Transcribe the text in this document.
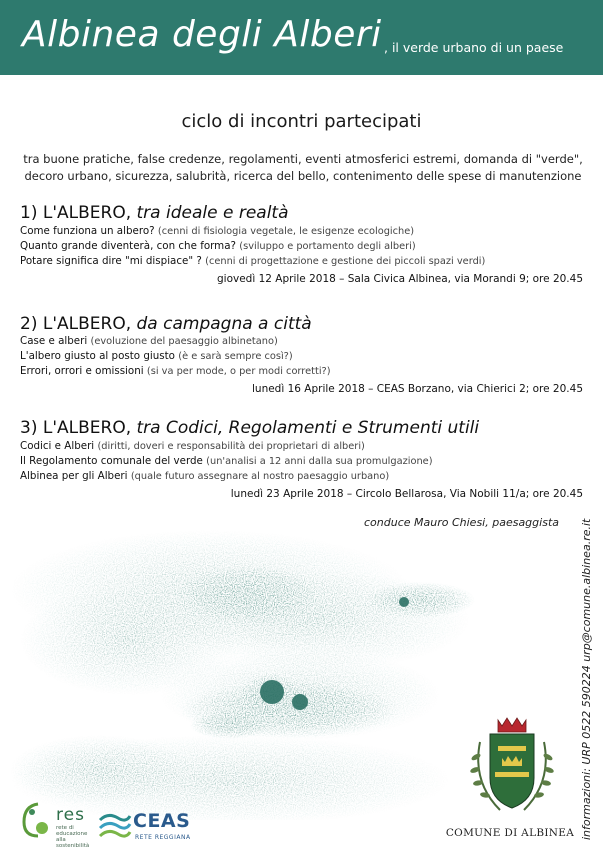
Albinea degli Alberi , il verde urbano di un paese
ciclo di incontri partecipati
tra buone pratiche, false credenze, regolamenti, eventi atmosferici estremi, domanda di "verde", decoro urbano, sicurezza, salubrità, ricerca del bello, contenimento delle spese di manutenzione
1) L'ALBERO, tra ideale e realtà
Come funziona un albero? (cenni di fisiologia vegetale, le esigenze ecologiche)
Quanto grande diventerà, con che forma? (sviluppo e portamento degli alberi)
Potare significa dire "mi dispiace" ? (cenni di progettazione e gestione dei piccoli spazi verdi)
giovedì 12 Aprile 2018 – Sala Civica Albinea, via Morandi 9; ore 20.45
2) L'ALBERO, da campagna a città
Case e alberi (evoluzione del paesaggio albinetano)
L'albero giusto al posto giusto (è e sarà sempre così?)
Errori, orrori e omissioni (si va per mode, o per modi corretti?)
lunedì 16 Aprile 2018 – CEAS Borzano, via Chierici 2; ore 20.45
3) L'ALBERO, tra Codici, Regolamenti e Strumenti utili
Codici e Alberi (diritti, doveri e responsabilità dei proprietari di alberi)
Il Regolamento comunale del verde (un'analisi a 12 anni dalla sua promulgazione)
Albinea per gli Alberi (quale futuro assegnare al nostro paesaggio urbano)
lunedì 23 Aprile 2018 – Circolo Bellarosa, Via Nobili 11/a; ore 20.45
conduce Mauro Chiesi, paesaggista
COMUNE DI ALBINEA informazioni: URP 0522 590224 urp@comune.albinea.re.it
res
rete di educazione alla sostenibilità
CEAS
RETE REGGIANA
